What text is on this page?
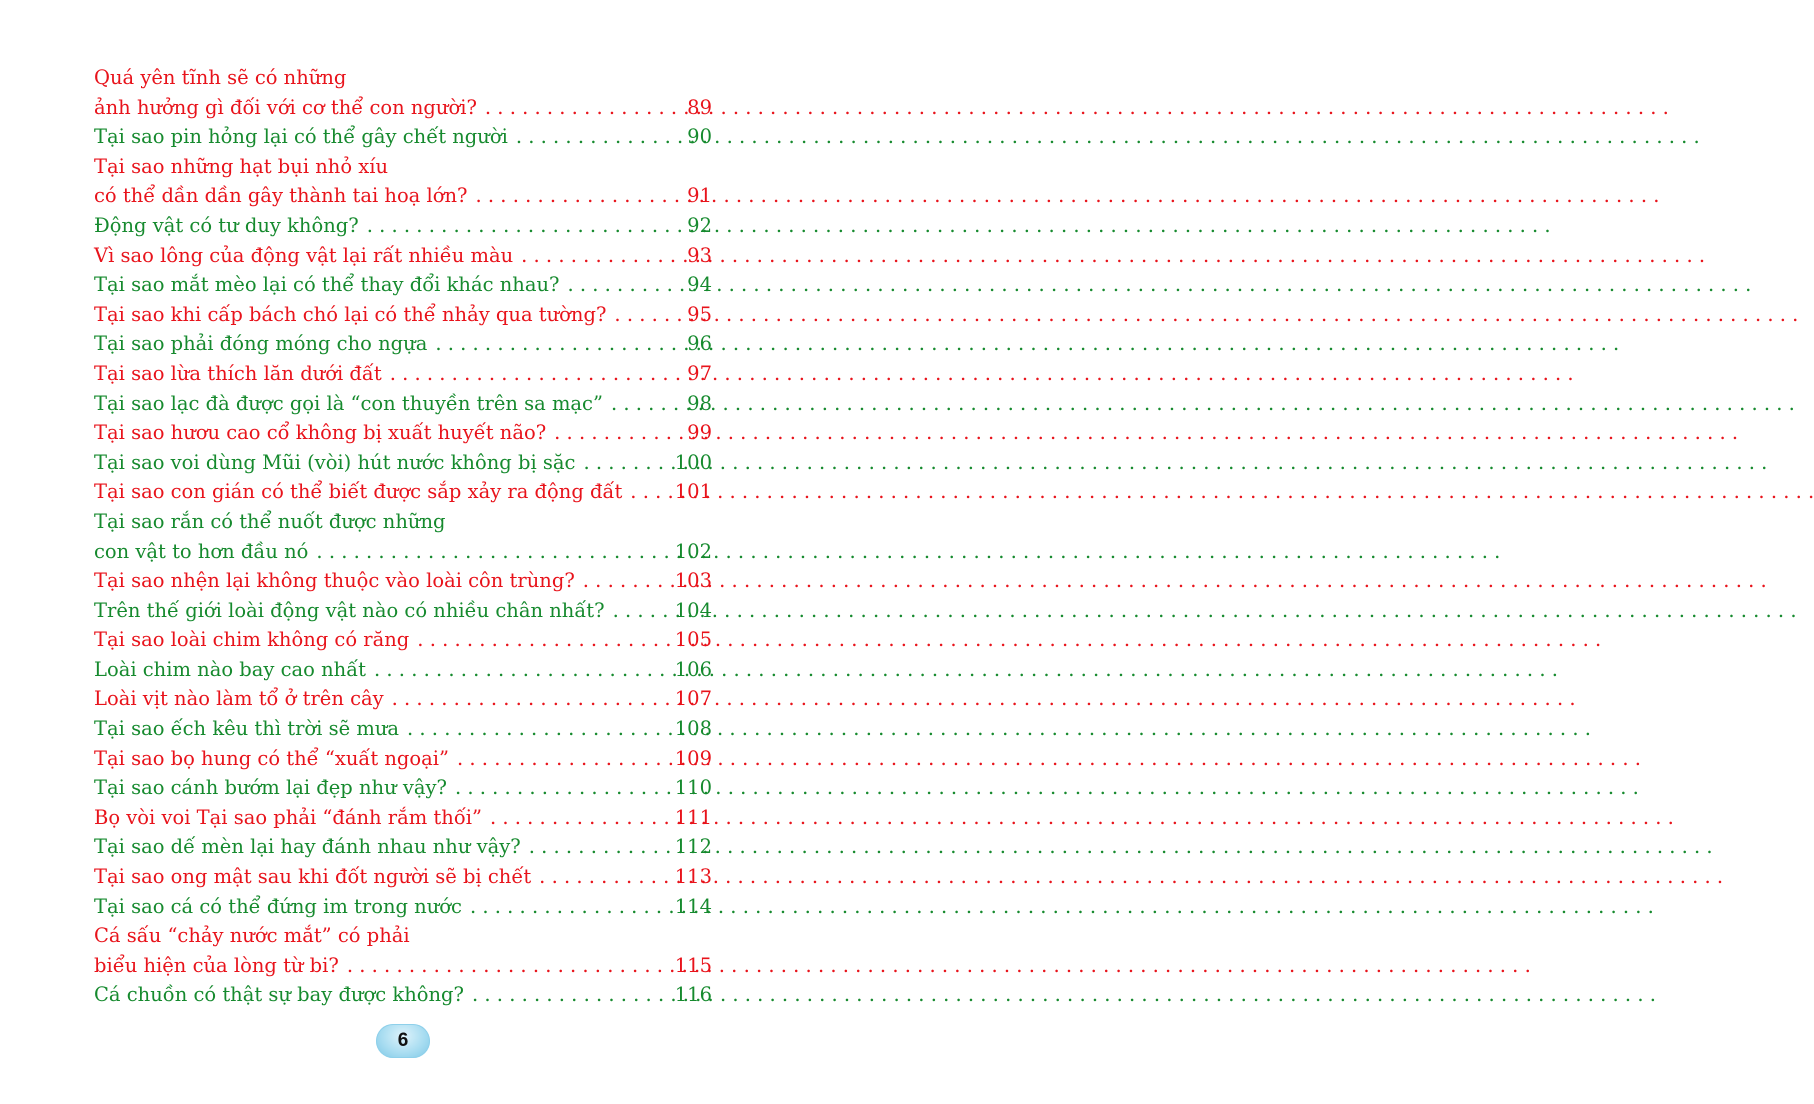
Quá yên tĩnh sẽ có những
ảnh hưởng gì đối với cơ thể con người? . . .	89
Tại sao pin hỏng lại có thể gây chết người . . .	90
Tại sao những hạt bụi nhỏ xíu
có thể dần dần gây thành tai hoạ lớn? . . .	91
Động vật có tư duy không? . . .	92
Vì sao lông của động vật lại rất nhiều màu . . .	93
Tại sao mắt mèo lại có thể thay đổi khác nhau? . . .	94
Tại sao khi cấp bách chó lại có thể nhảy qua tường? . . .	95
Tại sao phải đóng móng cho ngựa . . .	96
Tại sao lừa thích lăn dưới đất . . .	97
Tại sao lạc đà được gọi là “con thuyền trên sa mạc” . . .	98
Tại sao hươu cao cổ không bị xuất huyết não? . . .	99
Tại sao voi dùng Mũi (vòi) hút nước không bị sặc . . .	100
Tại sao con gián có thể biết được sắp xảy ra động đất . . .	101
Tại sao rắn có thể nuốt được những
con vật to hơn đầu nó . . .	102
Tại sao nhện lại không thuộc vào loài côn trùng? . . .	103
Trên thế giới loài động vật nào có nhiều chân nhất? . . .	104
Tại sao loài chim không có răng . . .	105
Loài chim nào bay cao nhất . . .	106
Loài vịt nào làm tổ ở trên cây . . .	107
Tại sao ếch kêu thì trời sẽ mưa . . .	108
Tại sao bọ hung có thể “xuất ngoại” . . .	109
Tại sao cánh bướm lại đẹp như vậy? . . .	110
Bọ vòi voi Tại sao phải “đánh rắm thối” . . .	111
Tại sao dế mèn lại hay đánh nhau như vậy? . . .	112
Tại sao ong mật sau khi đốt người sẽ bị chết . . .	113
Tại sao cá có thể đứng im trong nước . . .	114
Cá sấu “chảy nước mắt” có phải
biểu hiện của lòng từ bi? . . .	115
Cá chuồn có thật sự bay được không? . . .	116
6
